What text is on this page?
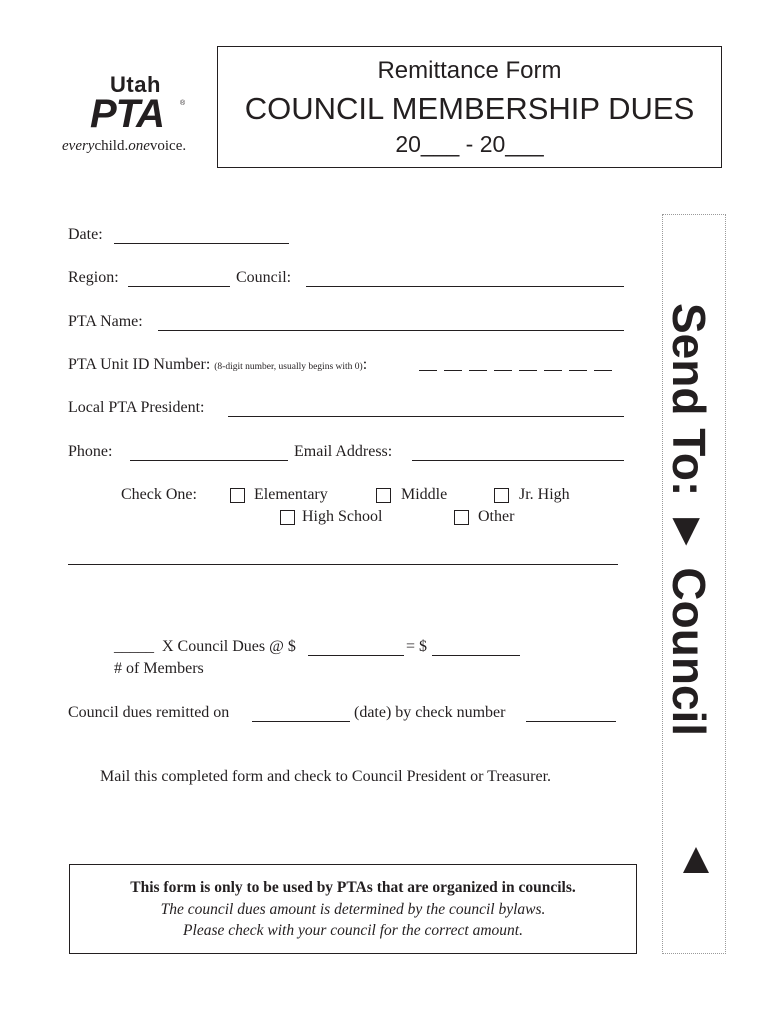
Utah
PTA ®
everychild.onevoice.
Remittance Form
COUNCIL MEMBERSHIP DUES
20___ - 20___
Date:
Region:	Council:
PTA Name:
PTA Unit ID Number: (8-digit number, usually begins with 0):
Local PTA President:
Phone:	Email Address:
Check One:	Elementary	Middle	Jr. High
High School	Other
_____ X Council Dues @ $	= $
# of Members
Council dues remitted on	(date) by check number
Mail this completed form and check to Council President or Treasurer.
This form is only to be used by PTAs that are organized in councils.
The council dues amount is determined by the council bylaws.
Please check with your council for the correct amount.
Send To: ► Council
